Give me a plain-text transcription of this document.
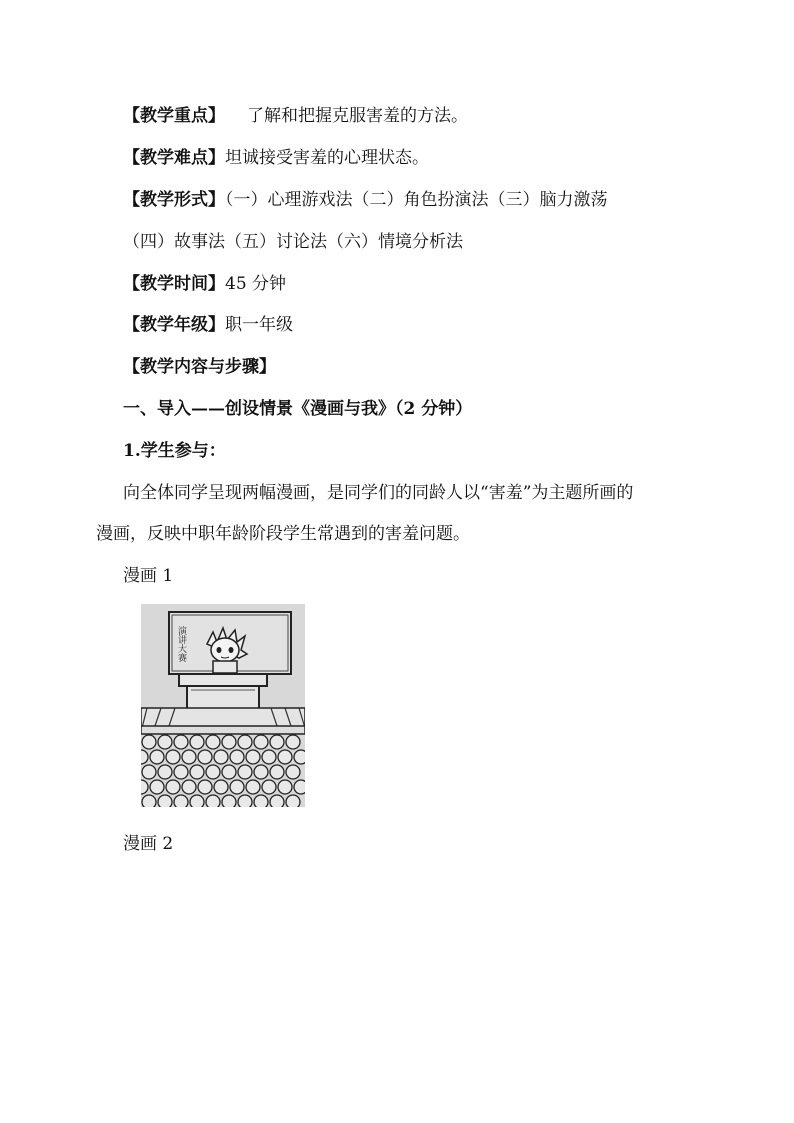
【教学重点】 了解和把握克服害羞的方法。
【教学难点】坦诚接受害羞的心理状态。
【教学形式】（一）心理游戏法（二）角色扮演法（三）脑力激荡
（四）故事法（五）讨论法（六）情境分析法
【教学时间】45 分钟
【教学年级】职一年级
【教学内容与步骤】
一、导入——创设情景《漫画与我》（2 分钟）
1.学生参与：
向全体同学呈现两幅漫画，是同学们的同龄人以“害羞”为主题所画的
漫画，反映中职年龄阶段学生常遇到的害羞问题。
漫画 1
演讲大赛
漫画 2
